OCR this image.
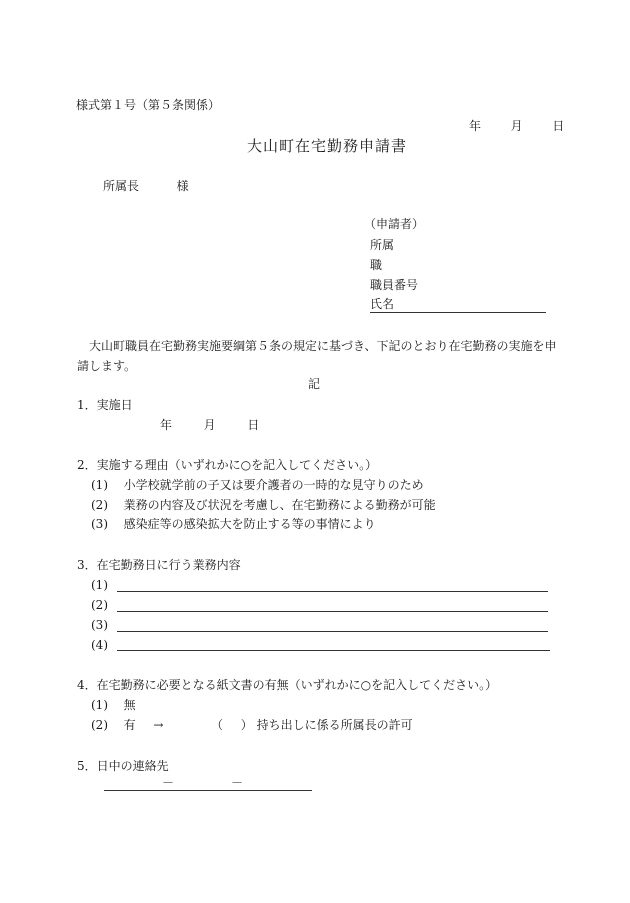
様式第１号（第５条関係）
年 月 日
大山町在宅勤務申請書
所属長	様
（申請者）
所属
職
職員番号
氏名
大山町職員在宅勤務実施要綱第５条の規定に基づき、下記のとおり在宅勤務の実施を申
請します。
記
1．実施日
年	月	日
2．実施する理由（いずれかに○を記入してください。）
(1) 小学校就学前の子又は要介護者の一時的な見守りのため
(2) 業務の内容及び状況を考慮し、在宅勤務による勤務が可能
(3) 感染症等の感染拡大を防止する等の事情により
3．在宅勤務日に行う業務内容
(1)
(2)
(3)
(4)
4．在宅勤務に必要となる紙文書の有無（いずれかに○を記入してください。）
(1) 無
(2) 有 →	（ ） 持ち出しに係る所属長の許可
5．日中の連絡先
－	－
